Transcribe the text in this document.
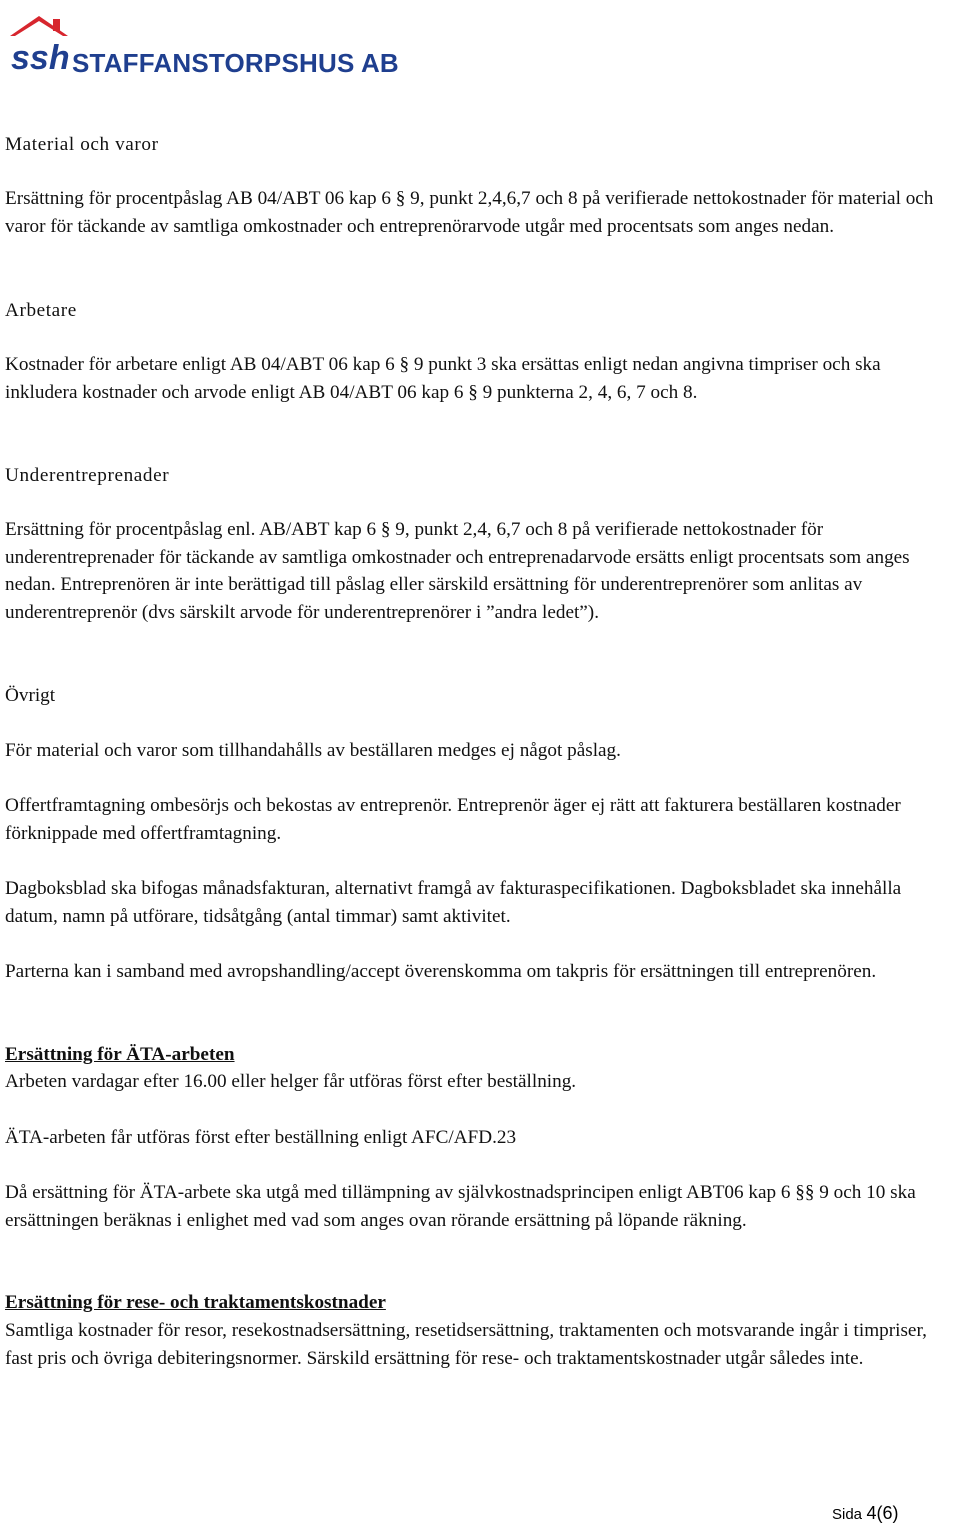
ssh STAFFANSTORPSHUS AB

Material och varor

Ersättning för procentpåslag AB 04/ABT 06 kap 6 § 9, punkt 2,4,6,7 och 8 på verifierade nettokostnader för material och varor för täckande av samtliga omkostnader och entreprenörarvode utgår med procentsats som anges nedan.

Arbetare

Kostnader för arbetare enligt AB 04/ABT 06 kap 6 § 9 punkt 3 ska ersättas enligt nedan angivna timpriser och ska inkludera kostnader och arvode enligt AB 04/ABT 06 kap 6 § 9 punkterna 2, 4, 6, 7 och 8.

Underentreprenader

Ersättning för procentpåslag enl. AB/ABT kap 6 § 9, punkt 2,4, 6,7 och 8 på verifierade nettokostnader för underentreprenader för täckande av samtliga omkostnader och entreprenadarvode ersätts enligt procentsats som anges nedan. Entreprenören är inte berättigad till påslag eller särskild ersättning för underentreprenörer som anlitas av underentreprenör (dvs särskilt arvode för underentreprenörer i ”andra ledet”).

Övrigt

För material och varor som tillhandahålls av beställaren medges ej något påslag.

Offertframtagning ombesörjs och bekostas av entreprenör. Entreprenör äger ej rätt att fakturera beställaren kostnader förknippade med offertframtagning.

Dagboksblad ska bifogas månadsfakturan, alternativt framgå av fakturaspecifikationen. Dagboksbladet ska innehålla datum, namn på utförare, tidsåtgång (antal timmar) samt aktivitet.

Parterna kan i samband med avropshandling/accept överenskomma om takpris för ersättningen till entreprenören.

Ersättning för ÄTA-arbeten

Arbeten vardagar efter 16.00 eller helger får utföras först efter beställning.

ÄTA-arbeten får utföras först efter beställning enligt AFC/AFD.23

Då ersättning för ÄTA-arbete ska utgå med tillämpning av självkostnadsprincipen enligt ABT06 kap 6 §§ 9 och 10 ska ersättningen beräknas i enlighet med vad som anges ovan rörande ersättning på löpande räkning.

Ersättning för rese- och traktamentskostnader

Samtliga kostnader för resor, resekostnadsersättning, resetidsersättning, traktamenten och motsvarande ingår i timpriser, fast pris och övriga debiteringsnormer. Särskild ersättning för rese- och traktamentskostnader utgår således inte.

Sida 4(6)
